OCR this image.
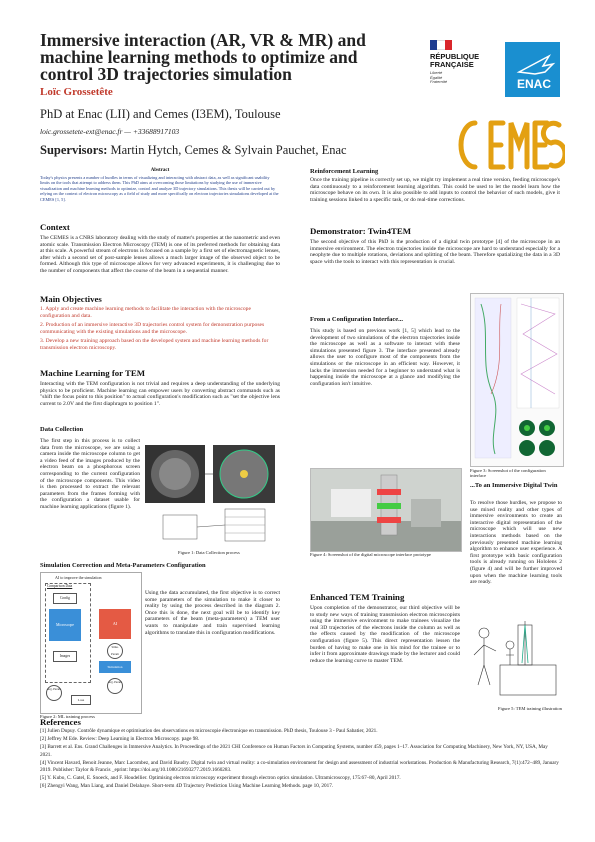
Immersive interaction (AR, VR & MR) and machine learning methods to optimize and control 3D trajectories simulation
Loïc Grossetête
PhD at Enac (LII) and Cemes (I3EM), Toulouse
loic.grossetete-ext@enac.fr — +33688917103
Supervisors: Martin Hytch, Cemes & Sylvain Pauchet, Enac
RÉPUBLIQUE
FRANÇAISE
Liberté
Égalité
Fraternité	ENAC
Abstract
Today's physics presents a number of hurdles in terms of visualizing and interacting with abstract data, as well as significant usability limits on the tools that attempt to address them. This PhD aims at overcoming those limitations by studying the use of immersive visualization and machine learning methods to optimize, control and analyze 3D trajectory simulations. This thesis will be carried out by relying on the context of electron microscopy as a field of study and more specifically on electron trajectories simulations developed at the CEMES [1, 5].
Context
The CEMES is a CNRS laboratory dealing with the study of matter's properties at the nanometric and even atomic scale. Transmission Electron Microscopy (TEM) is one of its preferred methods for obtaining data at this scale. A powerful stream of electrons is focused on a sample by a first set of electromagnetic lenses, after which a second set of post-sample lenses allows a much larger image of the observed object to be formed. Although this type of microscope allows for very advanced experiments, it is challenging due to the number of components that affect the course of the beam in a sequential manner.
Main Objectives
1. Apply and create machine learning methods to facilitate the interaction with the microscope configuration and data.
2. Production of an immersive interactive 3D trajectories control system for demonstration purposes communicating with the existing simulations and the microscope.
3. Develop a new training approach based on the developed system and machine learning methods for transmission electron microscopy.
Machine Learning for TEM
Interacting with the TEM configuration is not trivial and requires a deep understanding of the underlying physics to be proficient. Machine learning can empower users by converting abstract commands such as "shift the focus point to this position" to actual configuration's modification such as "set the objective lens current to 2.0V and the first diaphragm to position 1".
Data Collection
The first step in this process is to collect data from the microscope, we are using a camera inside the microscope column to get a video feed of the images produced by the electron beam on a phosphorous screen corresponding to the current configuration of the microscope components. This video is then processed to extract the relevant parameters from the frames forming with the configuration a dataset usable for machine learning applications (figure 1).
Figure 1: Data Collection process
Simulation Correction and Meta-Parameters Configuration
AI to improve the simulation
Comparison Data
Config
Microscope
Images
AI
Simu. Param
Simulation
Arg. Param
Loss
Arg. Param
Figure 2: ML training process
Using the data accumulated, the first objective is to correct some parameters of the simulation to make it closer to reality by using the process described in the diagram 2. Once this is done, the next goal will be to identify key parameters of the beam (meta-parameters) a TEM user wants to manipulate and train supervised learning algorithms to translate this in configuration modifications.
Reinforcement Learning
Once the training pipeline is correctly set up, we might try implement a real time version, feeding microscope's data continuously to a reinforcement learning algorithm. This could be used to let the model learn how the microscope behave on its own. It is also possible to add inputs to control the behavior of such models, give it training sessions linked to a specific task, or do real-time corrections.
Demonstrator: Twin4TEM
The second objective of this PhD is the production of a digital twin prototype [4] of the microscope in an immersive environment. The electron trajectories inside the microscope are hard to understand especially for a neophyte due to multiple rotations, deviations and splitting of the beam. Therefore spatializing the data in a 3D space with the tools to interact with this representation is crucial.
From a Configuration Interface...
This study is based on previous work [1, 5] which lead to the development of two simulations of the electron trajectories inside the microscope as well as a software to interact with these simulations presented figure 3. The interface presented already allows the user to configure most of the components from the simulations or the microscope in an efficient way. However, it lacks the immersion needed for a beginner to understand what is happening inside the microscope at a glance and modifying the configuration isn't intuitive.
Figure 3: Screenshot of the configuration interface
...To an Immersive Digital Twin
To resolve those hurdles, we propose to use mixed reality and other types of immersive environments to create an interactive digital representation of the microscope which will use new interactions methods based on the previously presented machine learning algorithm to enhance user experience. A first prototype with basic configuration tools is already running on Hololens 2 (figure 4) and will be further improved upon when the machine learning tools are ready.
Figure 4: Screenshot of the digital microscope interface prototype
Enhanced TEM Training
Upon completion of the demonstrator, our third objective will be to study new ways of training transmission electron microscopists using the immersive environment to make trainees visualize the real 3D trajectories of the electrons inside the column as well as the effects caused by the modification of the microscope configuration (figure 5). This direct representation lessen the burden of having to make one in his mind for the trainee or to infer it from approximate drawings made by the lecturer and could reduce the learning curve to master TEM.
Figure 5: TEM training illustration
References
[1] Julien Dupuy. Contrôle dynamique et optimisation des observations en microscopie électronique en transmission. PhD thesis, Toulouse 3 - Paul Sabatier, 2021.
[2] Jeffrey M Ede. Review: Deep Learning in Electron Microscopy. page 98.
[3] Barrett et al. Ens. Grand Challenges in Immersive Analytics. In Proceedings of the 2021 CHI Conference on Human Factors in Computing Systems, number 459, pages 1–17. Association for Computing Machinery, New York, NY, USA, May 2021.
[4] Vincent Havard, Benoit Jeanne, Marc Lacombez, and David Baudry. Digital twin and virtual reality: a co-simulation environment for design and assessment of industrial workstations. Production & Manufacturing Research, 7(1):472–489, January 2019. Publisher: Taylor & Francis _eprint: https://doi.org/10.1080/21693277.2019.1660283.
[5] Y. Kubo, C. Gatel, E. Snoeck, and F. Houdellier. Optimising electron microscopy experiment through electron optics simulation. Ultramicroscopy, 175:67–80, April 2017.
[6] Zhengyi Wang, Man Liang, and Daniel Delahaye. Short-term 4D Trajectory Prediction Using Machine Learning Methods. page 10, 2017.
